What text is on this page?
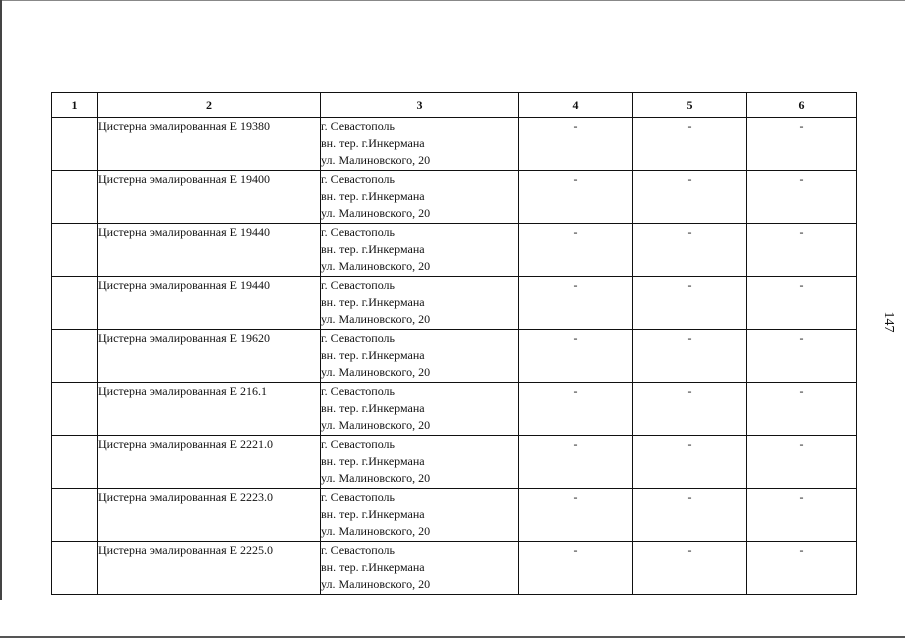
147
1	2	3	4	5	6
	Цистерна эмалированная Е 19380	г. Севастополь
вн. тер. г.Инкермана
ул. Малиновского, 20	-	-	-
	Цистерна эмалированная Е 19400	г. Севастополь
вн. тер. г.Инкермана
ул. Малиновского, 20	-	-	-
	Цистерна эмалированная Е 19440	г. Севастополь
вн. тер. г.Инкермана
ул. Малиновского, 20	-	-	-
	Цистерна эмалированная Е 19440	г. Севастополь
вн. тер. г.Инкермана
ул. Малиновского, 20	-	-	-
	Цистерна эмалированная Е 19620	г. Севастополь
вн. тер. г.Инкермана
ул. Малиновского, 20	-	-	-
	Цистерна эмалированная Е 216.1	г. Севастополь
вн. тер. г.Инкермана
ул. Малиновского, 20	-	-	-
	Цистерна эмалированная Е 2221.0	г. Севастополь
вн. тер. г.Инкермана
ул. Малиновского, 20	-	-	-
	Цистерна эмалированная Е 2223.0	г. Севастополь
вн. тер. г.Инкермана
ул. Малиновского, 20	-	-	-
	Цистерна эмалированная Е 2225.0	г. Севастополь
вн. тер. г.Инкермана
ул. Малиновского, 20	-	-	-
